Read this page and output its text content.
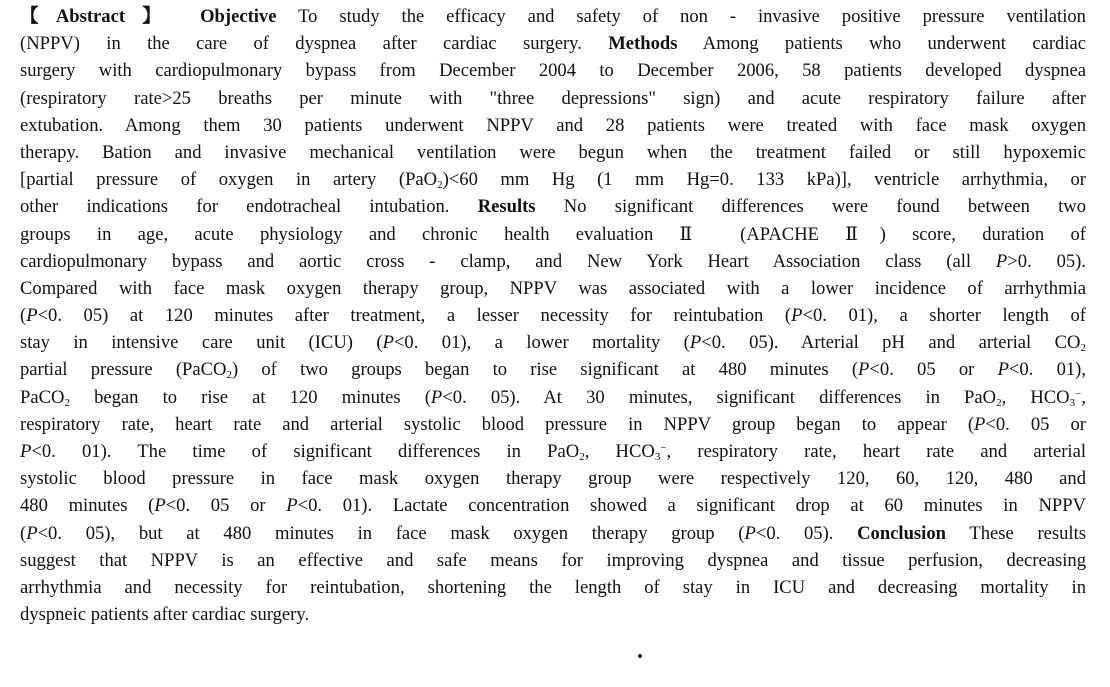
【Abstract】 Objective To study the efficacy and safety of non - invasive positive pressure ventilation
(NPPV) in the care of dyspnea after cardiac surgery. Methods Among patients who underwent cardiac
surgery with cardiopulmonary bypass from December 2004 to December 2006, 58 patients developed dyspnea
(respiratory rate>25 breaths per minute with "three depressions" sign) and acute respiratory failure after
extubation. Among them 30 patients underwent NPPV and 28 patients were treated with face mask oxygen
therapy. Bation and invasive mechanical ventilation were begun when the treatment failed or still hypoxemic
[partial pressure of oxygen in artery (PaO$_2$)<60 mm Hg (1 mm Hg=0. 133 kPa)], ventricle arrhythmia, or
other indications for endotracheal intubation. Results No significant differences were found between two
groups in age, acute physiology and chronic health evaluation Ⅱ (APACHE Ⅱ) score, duration of
cardiopulmonary bypass and aortic cross - clamp, and New York Heart Association class (all P>0. 05).
Compared with face mask oxygen therapy group, NPPV was associated with a lower incidence of arrhythmia
(P<0. 05) at 120 minutes after treatment, a lesser necessity for reintubation (P<0. 01), a shorter length of
stay in intensive care unit (ICU) (P<0. 01), a lower mortality (P<0. 05). Arterial pH and arterial $CO_2$
partial pressure (PaCO$_2$) of two groups began to rise significant at 480 minutes (P<0. 05 or P<0. 01),
PaCO$_2$ began to rise at 120 minutes (P<0. 05). At 30 minutes, significant differences in PaO$_2$, $HCO_3^-$,
respiratory rate, heart rate and arterial systolic blood pressure in NPPV group began to appear (P<0. 05 or
P<0. 01). The time of significant differences in PaO$_2$, $HCO_3^-$, respiratory rate, heart rate and arterial
systolic blood pressure in face mask oxygen therapy group were respectively 120, 60, 120, 480 and
480 minutes (P<0. 05 or P<0. 01). Lactate concentration showed a significant drop at 60 minutes in NPPV
(P<0. 05), but at 480 minutes in face mask oxygen therapy group (P<0. 05). Conclusion These results
suggest that NPPV is an effective and safe means for improving dyspnea and tissue perfusion, decreasing
arrhythmia and necessity for reintubation, shortening the length of stay in ICU and decreasing mortality in
dyspneic patients after cardiac surgery.
